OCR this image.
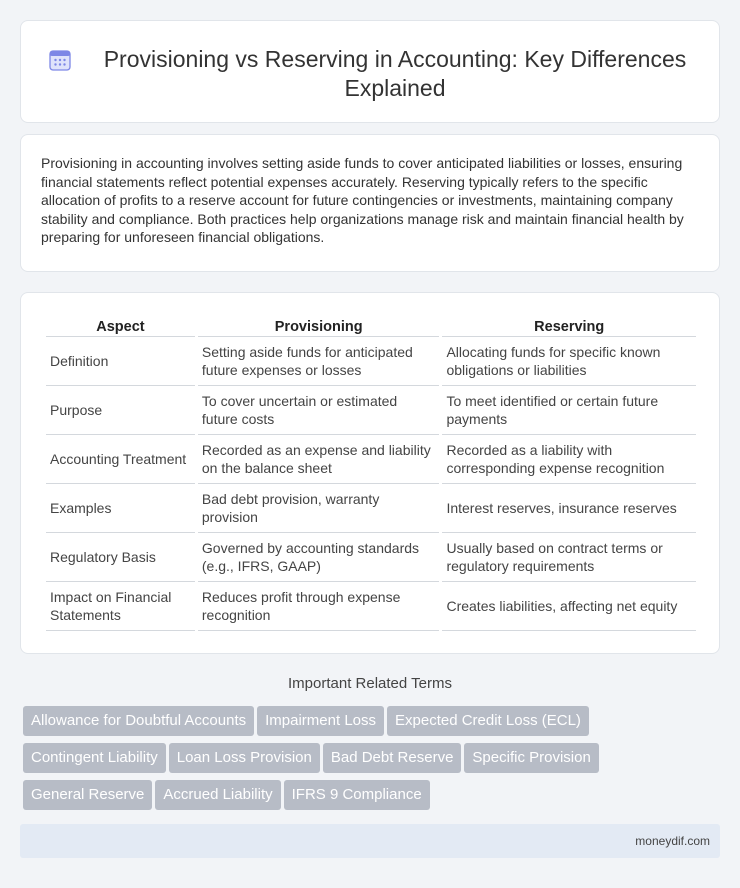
Provisioning vs Reserving in Accounting: Key Differences Explained

Provisioning in accounting involves setting aside funds to cover anticipated liabilities or losses, ensuring financial statements reflect potential expenses accurately. Reserving typically refers to the specific allocation of profits to a reserve account for future contingencies or investments, maintaining company stability and compliance. Both practices help organizations manage risk and maintain financial health by preparing for unforeseen financial obligations.

Aspect	Provisioning	Reserving
Definition	Setting aside funds for anticipated future expenses or losses	Allocating funds for specific known obligations or liabilities
Purpose	To cover uncertain or estimated future costs	To meet identified or certain future payments
Accounting Treatment	Recorded as an expense and liability on the balance sheet	Recorded as a liability with corresponding expense recognition
Examples	Bad debt provision, warranty provision	Interest reserves, insurance reserves
Regulatory Basis	Governed by accounting standards (e.g., IFRS, GAAP)	Usually based on contract terms or regulatory requirements
Impact on Financial Statements	Reduces profit through expense recognition	Creates liabilities, affecting net equity
Important Related Terms
Allowance for Doubtful Accounts Impairment Loss Expected Credit Loss (ECL)
Contingent Liability Loan Loss Provision Bad Debt Reserve Specific Provision
General Reserve Accrued Liability IFRS 9 Compliance
moneydif.com
